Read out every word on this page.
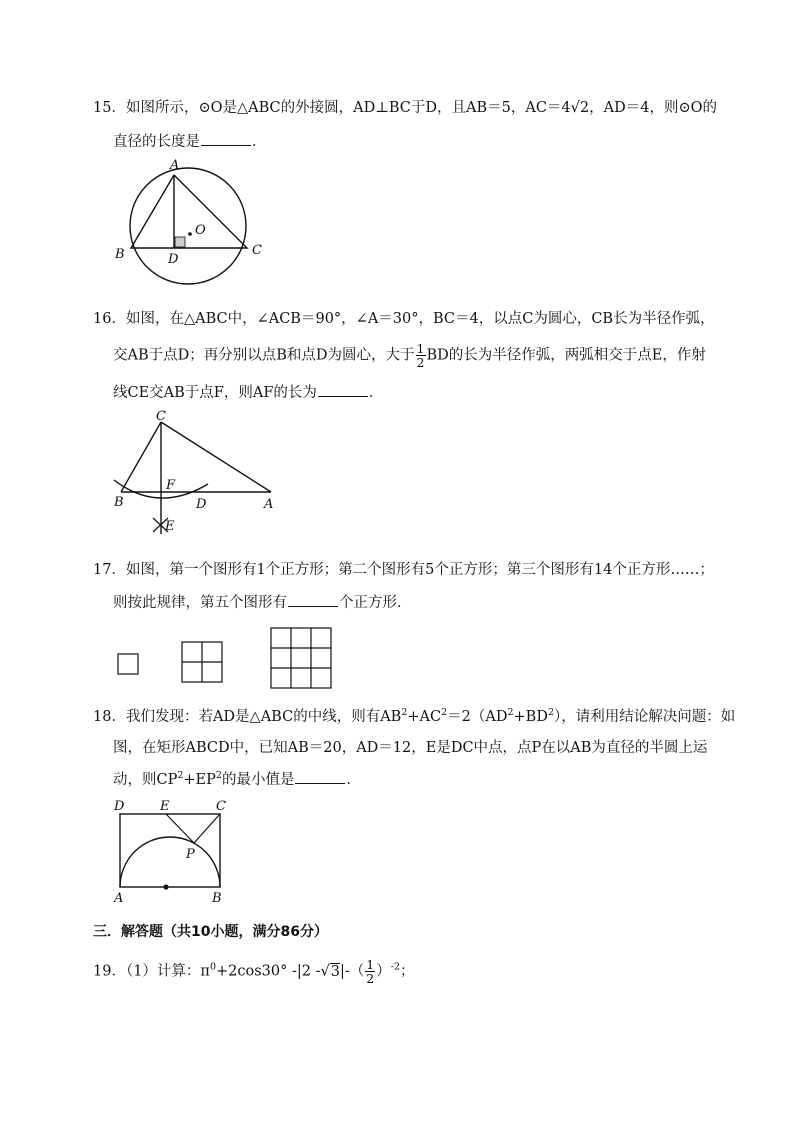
15．如图所示，⊙O是△ABC的外接圆，AD⊥BC于D，且AB＝5，AC＝4√2，AD＝4，则⊙O的
直径的长度是	．
A
B	C
D
O
16．如图，在△ABC中，∠ACB＝90°，∠A＝30°，BC＝4，以点C为圆心，CB长为半径作弧，
交AB于点D；再分别以点B和点D为圆心，大于 $\frac{1}{2}$ BD的长为半径作弧，两弧相交于点E，作射
线CE交AB于点F，则AF的长为	．
C
B
F
D	A
E
17．如图，第一个图形有1个正方形；第二个图形有5个正方形；第三个图形有14个正方形……；
则按此规律，第五个图形有	个正方形．
18．我们发现：若AD是△ABC的中线，则有$AB^2+AC^2=2(AD^2+BD^2)$，请利用结论解决问题：如
图，在矩形ABCD中，已知AB＝20，AD＝12，E是DC中点，点P在以AB为直径的半圆上运
动，则$CP^2+EP^2$的最小值是	．
D	E	C
P
A	B
三．解答题（共10小题，满分86分）
19．（1）计算：$\pi^0+2\cos 30^\circ$ -|2 $-√3|-( \frac{1}{2} )^{-2}$；
